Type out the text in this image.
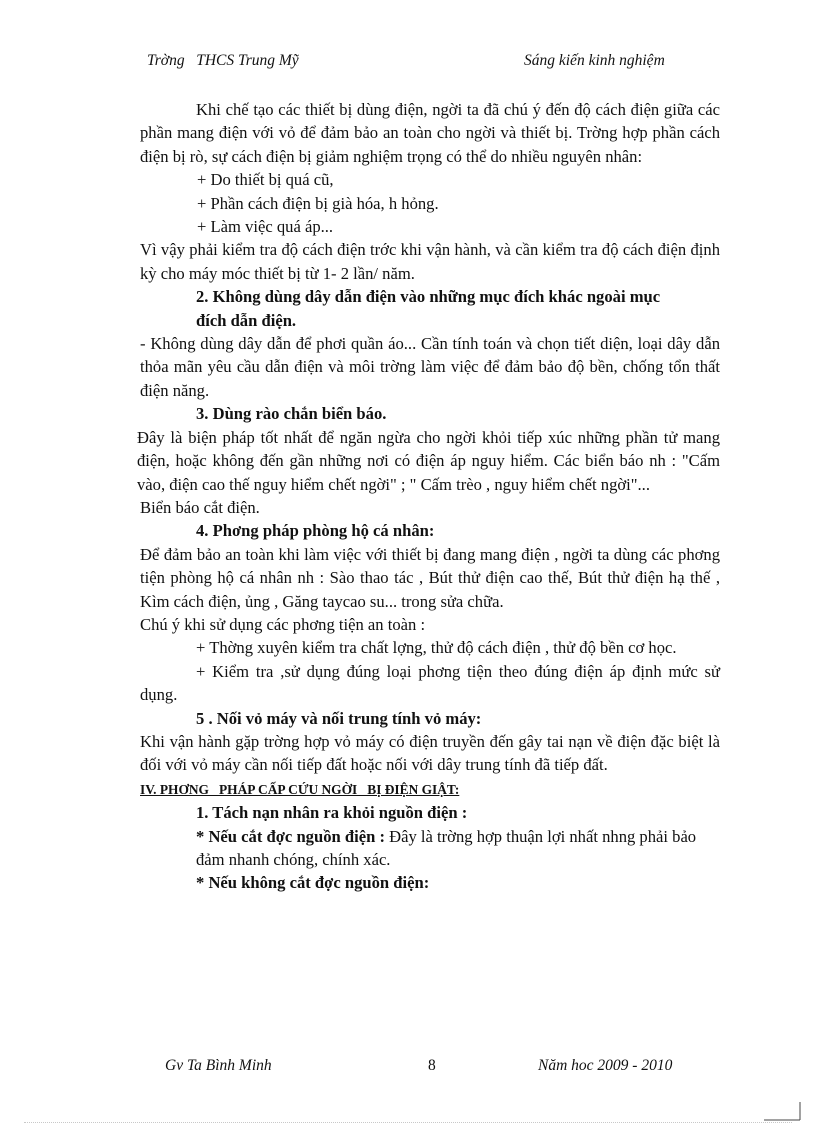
Trờng   THCS Trung Mỹ	Sáng kiến kinh nghiệm

Khi chế tạo các thiết bị dùng điện, ngời ta đã chú ý đến độ cách điện giữa các phần mang điện với vỏ để đảm bảo an toàn cho ngời và thiết bị. Trờng hợp phần cách điện bị rò, sự cách điện bị giảm nghiệm trọng có thể do nhiều nguyên nhân:

+ Do thiết bị quá cũ,

+ Phần cách điện bị già hóa, h hỏng.

+ Làm việc quá áp...

Vì vậy phải kiểm tra độ cách điện trớc khi vận hành, và cần kiểm tra độ cách điện định kỳ cho máy móc thiết bị từ 1- 2 lần/ năm.

2. Không dùng dây dẫn điện vào những mục đích khác ngoài mục
đích dẫn điện.

- Không dùng dây dẫn để phơi quần áo... Cần tính toán và chọn tiết diện, loại dây dẫn thỏa mãn yêu cầu dẫn điện và môi trờng làm việc để đảm bảo độ bền, chống tổn thất điện năng.

3. Dùng rào chắn biển báo.

Đây là biện pháp tốt nhất để ngăn ngừa cho ngời khỏi tiếp xúc những phần tử mang điện, hoặc không đến gần những nơi có điện áp nguy hiểm. Các biển báo nh : "Cấm vào, điện cao thế nguy hiểm chết ngời" ; " Cấm trèo , nguy hiểm chết ngời"...

Biển báo cắt điện.

4. Phơng pháp phòng hộ cá nhân:

Để đảm bảo an toàn khi làm việc với thiết bị đang mang điện , ngời ta dùng các phơng tiện phòng hộ cá nhân nh : Sào thao tác , Bút thử điện cao thế, Bút thử điện hạ thế , Kìm cách điện, ủng , Găng taycao su... trong sửa chữa.

Chú ý khi sử dụng các phơng tiện an toàn :

+ Thờng xuyên kiểm tra chất lợng, thử độ cách điện , thử độ bền cơ học.

+ Kiểm tra ,sử dụng đúng loại phơng tiện theo đúng điện áp định mức sử dụng.

5 . Nối vỏ máy và nối trung tính vỏ máy:

Khi vận hành gặp trờng hợp vỏ máy có điện truyền đến gây tai nạn về điện đặc biệt là đối với vỏ máy cần nối tiếp đất hoặc nối với dây trung tính đã tiếp đất.

IV. PHƠNG   PHÁP CẤP CỨU NGỜI   BỊ ĐIỆN GIẬT:

1. Tách nạn nhân ra khỏi nguồn điện :

* Nếu cắt đợc nguồn điện : Đây là trờng hợp thuận lợi nhất nhng phải bảo đảm nhanh chóng, chính xác.

* Nếu không cắt đợc nguồn điện:

Gv Ta Bình Minh	8	Năm hoc 2009 - 2010
